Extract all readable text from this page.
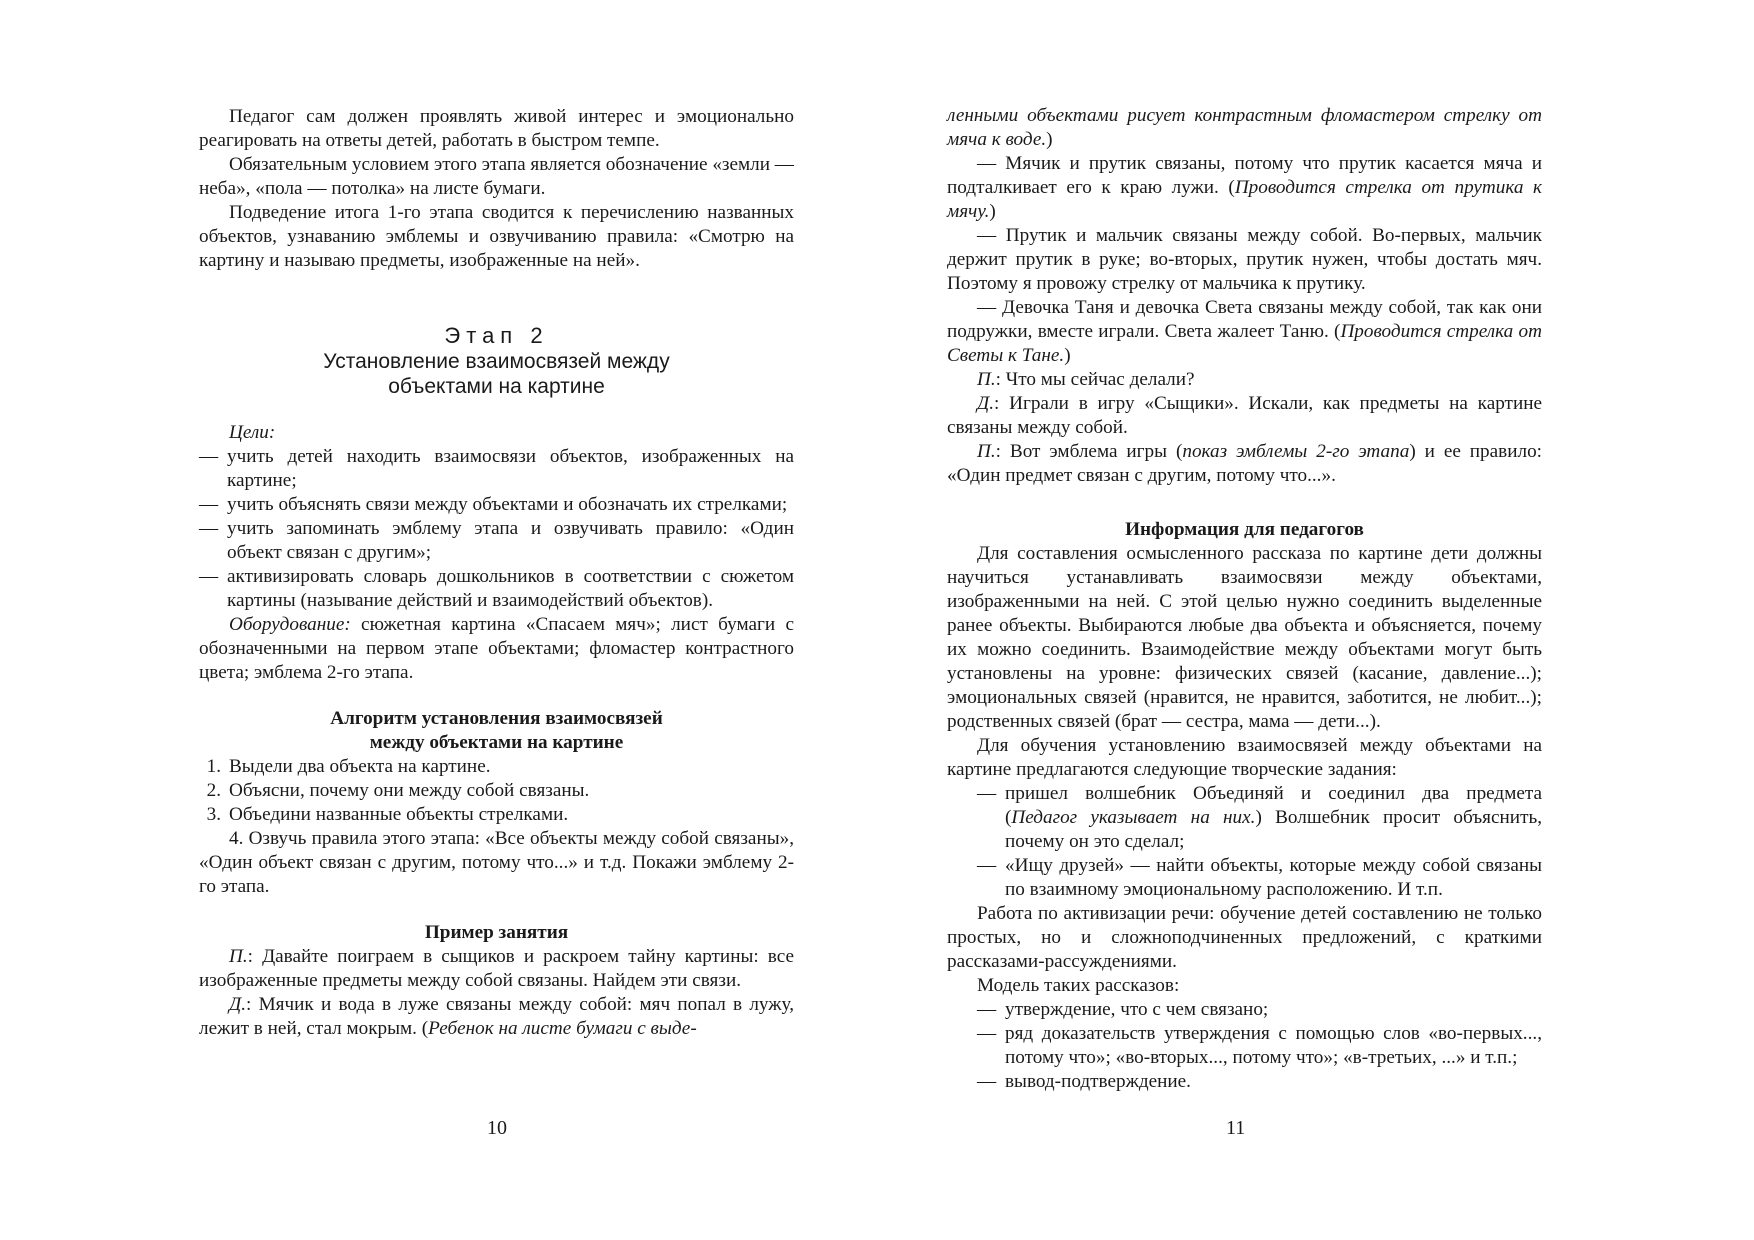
Педагог сам должен проявлять живой интерес и эмоционально реагировать на ответы детей, работать в быстром темпе.

Обязательным условием этого этапа является обозначение «земли — неба», «пола — потолка» на листе бумаги.

Подведение итога 1-го этапа сводится к перечислению названных объектов, узнаванию эмблемы и озвучиванию правила: «Смотрю на картину и называю предметы, изображенные на ней».

Этап 2
Установление взаимосвязей между объектами на картине

Цели:

— учить детей находить взаимосвязи объектов, изображенных на картине;
— учить объяснять связи между объектами и обозначать их стрелками;
— учить запоминать эмблему этапа и озвучивать правило: «Один объект связан с другим»;
— активизировать словарь дошкольников в соответствии с сюжетом картины (называние действий и взаимодействий объектов).

Оборудование: сюжетная картина «Спасаем мяч»; лист бумаги с обозначенными на первом этапе объектами; фломастер контрастного цвета; эмблема 2-го этапа.

Алгоритм установления взаимосвязей между объектами на картине
1. Выдели два объекта на картине.
2. Объясни, почему они между собой связаны.
3. Объедини названные объекты стрелками.

4. Озвучь правила этого этапа: «Все объекты между собой связаны», «Один объект связан с другим, потому что...» и т.д. Покажи эмблему 2-го этапа.

Пример занятия

П.: Давайте поиграем в сыщиков и раскроем тайну картины: все изображенные предметы между собой связаны. Найдем эти связи.

Д.: Мячик и вода в луже связаны между собой: мяч попал в лужу, лежит в ней, стал мокрым. (Ребенок на листе бумаги с выде-

10

ленными объектами рисует контрастным фломастером стрелку от мяча к воде.)

— Мячик и прутик связаны, потому что прутик касается мяча и подталкивает его к краю лужи. (Проводится стрелка от прутика к мячу.)

— Прутик и мальчик связаны между собой. Во-первых, мальчик держит прутик в руке; во-вторых, прутик нужен, чтобы достать мяч. Поэтому я провожу стрелку от мальчика к прутику.

— Девочка Таня и девочка Света связаны между собой, так как они подружки, вместе играли. Света жалеет Таню. (Проводится стрелка от Светы к Тане.)

П.: Что мы сейчас делали?

Д.: Играли в игру «Сыщики». Искали, как предметы на картине связаны между собой.

П.: Вот эмблема игры (показ эмблемы 2-го этапа) и ее правило: «Один предмет связан с другим, потому что...».

Информация для педагогов

Для составления осмысленного рассказа по картине дети должны научиться устанавливать взаимосвязи между объектами, изображенными на ней. С этой целью нужно соединить выделенные ранее объекты. Выбираются любые два объекта и объясняется, почему их можно соединить. Взаимодействие между объектами могут быть установлены на уровне: физических связей (касание, давление...); эмоциональных связей (нравится, не нравится, заботится, не любит...); родственных связей (брат — сестра, мама — дети...).

Для обучения установлению взаимосвязей между объектами на картине предлагаются следующие творческие задания:

— пришел волшебник Объединяй и соединил два предмета (Педагог указывает на них.) Волшебник просит объяснить, почему он это сделал;
— «Ищу друзей» — найти объекты, которые между собой связаны по взаимному эмоциональному расположению. И т.п.

Работа по активизации речи: обучение детей составлению не только простых, но и сложноподчиненных предложений, с краткими рассказами-рассуждениями.

Модель таких рассказов:

— утверждение, что с чем связано;
— ряд доказательств утверждения с помощью слов «во-первых..., потому что»; «во-вторых..., потому что»; «в-третьих, ...» и т.п.;
— вывод-подтверждение.
11
